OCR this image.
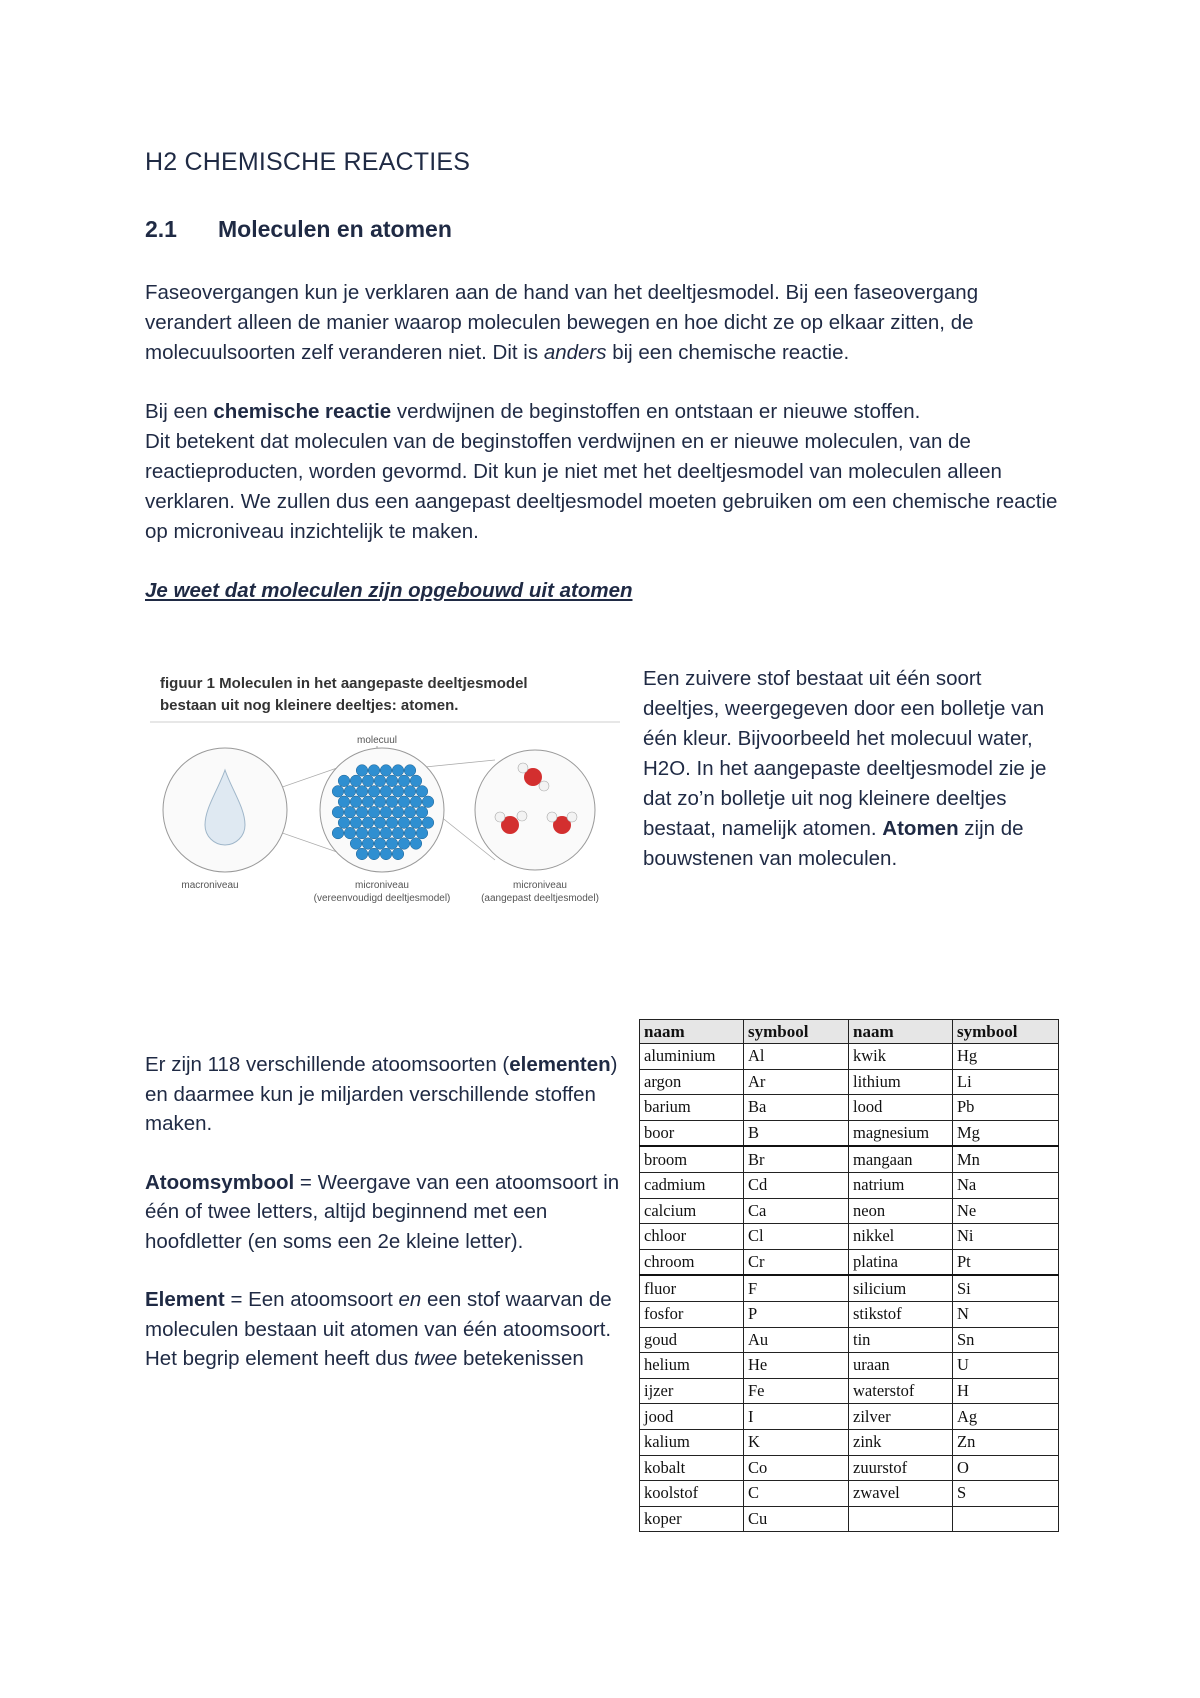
H2 CHEMISCHE REACTIES
2.1 Moleculen en atomen
Faseovergangen kun je verklaren aan de hand van het deeltjesmodel. Bij een faseovergang verandert alleen de manier waarop moleculen bewegen en hoe dicht ze op elkaar zitten, de molecuulsoorten zelf veranderen niet. Dit is anders bij een chemische reactie.
Bij een chemische reactie verdwijnen de beginstoffen en ontstaan er nieuwe stoffen.
Dit betekent dat moleculen van de beginstoffen verdwijnen en er nieuwe moleculen, van de reactieproducten, worden gevormd. Dit kun je niet met het deeltjesmodel van moleculen alleen verklaren. We zullen dus een aangepast deeltjesmodel moeten gebruiken om een chemische reactie op microniveau inzichtelijk te maken.
Je weet dat moleculen zijn opgebouwd uit atomen
figuur 1 Moleculen in het aangepaste deeltjesmodel
bestaan uit nog kleinere deeltjes: atomen.
molecuul
macroniveau	microniveau
(vereenvoudigd deeltjesmodel)
microniveau
(aangepast deeltjesmodel)
Een zuivere stof bestaat uit één soort deeltjes, weergegeven door een bolletje van één kleur. Bijvoorbeeld het molecuul water, H2O. In het aangepaste deeltjesmodel zie je dat zo’n bolletje uit nog kleinere deeltjes bestaat, namelijk atomen. Atomen zijn de bouwstenen van moleculen.

Er zijn 118 verschillende atoomsoorten (elementen) en daarmee kun je miljarden verschillende stoffen maken.

Atoomsymbool = Weergave van een atoomsoort in één of twee letters, altijd beginnend met een hoofdletter (en soms een 2e kleine letter).

Element = Een atoomsoort en een stof waarvan de moleculen bestaan uit atomen van één atoomsoort.

Het begrip element heeft dus twee betekenissen

naam	symbool	naam	symbool
aluminium	Al	kwik	Hg
argon	Ar	lithium	Li
barium	Ba	lood	Pb
boor	B	magnesium	Mg
broom	Br	mangaan	Mn
cadmium	Cd	natrium	Na
calcium	Ca	neon	Ne
chloor	Cl	nikkel	Ni
chroom	Cr	platina	Pt
fluor	F	silicium	Si
fosfor	P	stikstof	N
goud	Au	tin	Sn
helium	He	uraan	U
ijzer	Fe	waterstof	H
jood	I	zilver	Ag
kalium	K	zink	Zn
kobalt	Co	zuurstof	O
koolstof	C	zwavel	S
koper	Cu		
